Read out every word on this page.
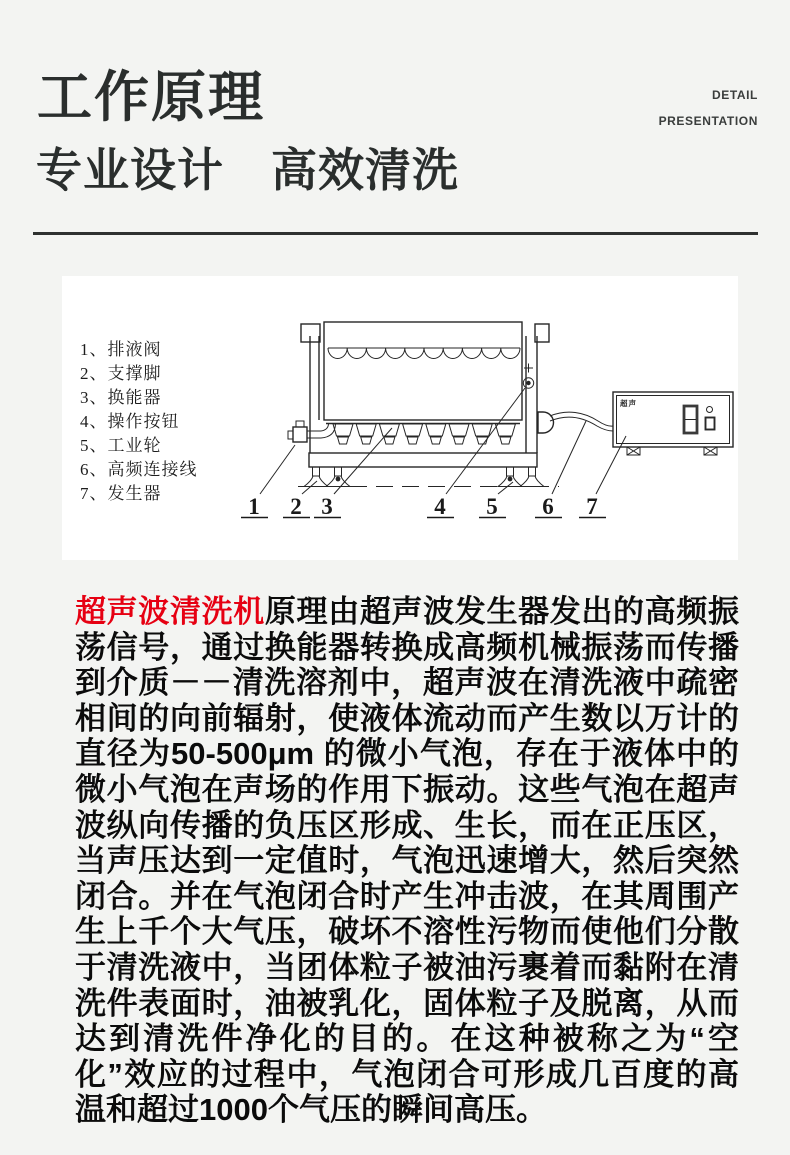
工作原理
专业设计　高效清洗
DETAIL
PRESENTATION
超声
1 2 3	4 5 6 7
1、排液阀
2、支撑脚
3、换能器
4、操作按钮
5、工业轮
6、高频连接线
7、发生器
超声波清洗机原理由超声波发生器发出的高频振荡信号，通过换能器转换成高频机械振荡而传播到介质－－清洗溶剂中，超声波在清洗液中疏密相间的向前辐射，使液体流动而产生数以万计的直径为50-500μm 的微小气泡，存在于液体中的微小气泡在声场的作用下振动。这些气泡在超声波纵向传播的负压区形成、生长，而在正压区，当声压达到一定值时，气泡迅速增大，然后突然闭合。并在气泡闭合时产生冲击波，在其周围产生上千个大气压，破坏不溶性污物而使他们分散于清洗液中，当团体粒子被油污裹着而黏附在清洗件表面时，油被乳化，固体粒子及脱离，从而达到清洗件净化的目的。在这种被称之为“空化”效应的过程中，气泡闭合可形成几百度的高温和超过1000个气压的瞬间高压。
